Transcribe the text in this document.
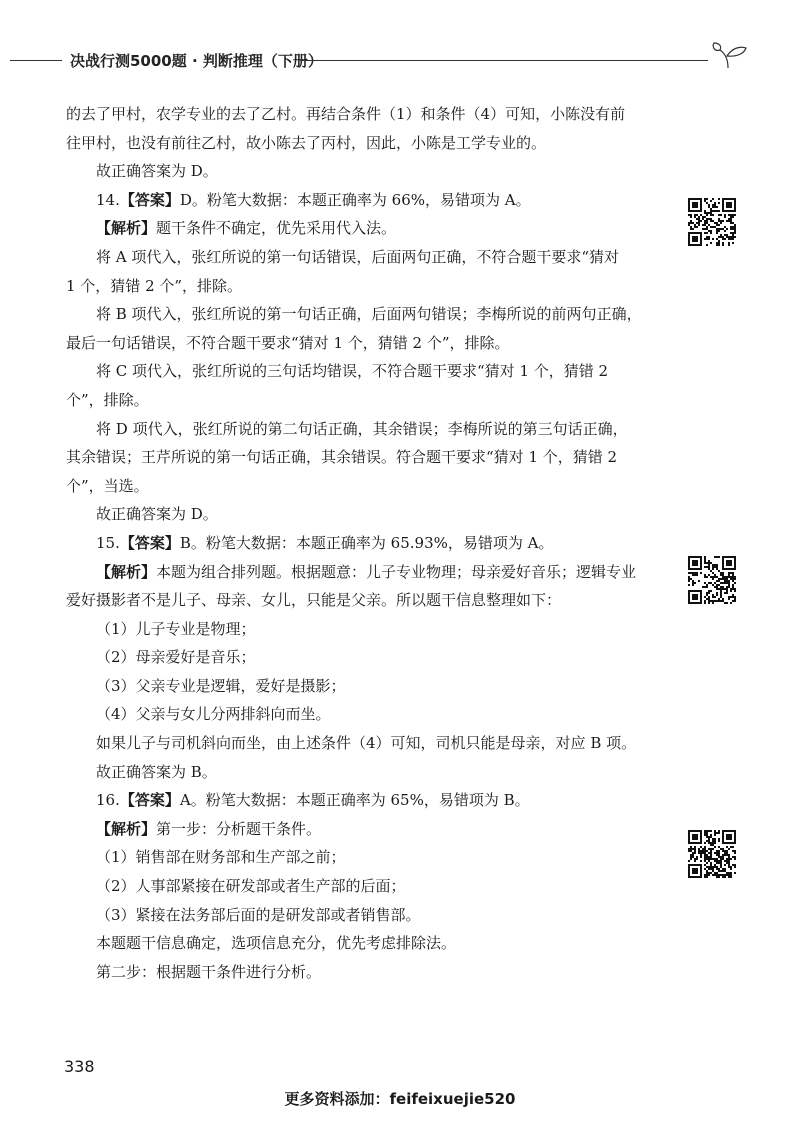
决战行测5000题 · 判断推理（下册）
的去了甲村，农学专业的去了乙村。再结合条件（1）和条件（4）可知，小陈没有前
往甲村，也没有前往乙村，故小陈去了丙村，因此，小陈是工学专业的。
故正确答案为 D。
14.【答案】D。粉笔大数据：本题正确率为 66%，易错项为 A。
【解析】题干条件不确定，优先采用代入法。
将 A 项代入，张红所说的第一句话错误，后面两句正确，不符合题干要求“猜对
1 个，猜错 2 个”，排除。
将 B 项代入，张红所说的第一句话正确，后面两句错误；李梅所说的前两句正确，
最后一句话错误，不符合题干要求“猜对 1 个，猜错 2 个”，排除。
将 C 项代入，张红所说的三句话均错误，不符合题干要求“猜对 1 个，猜错 2
个”，排除。
将 D 项代入，张红所说的第二句话正确，其余错误；李梅所说的第三句话正确，
其余错误；王芹所说的第一句话正确，其余错误。符合题干要求“猜对 1 个，猜错 2
个”，当选。
故正确答案为 D。
15.【答案】B。粉笔大数据：本题正确率为 65.93%，易错项为 A。
【解析】本题为组合排列题。根据题意：儿子专业物理；母亲爱好音乐；逻辑专业
爱好摄影者不是儿子、母亲、女儿，只能是父亲。所以题干信息整理如下：
（1）儿子专业是物理；
（2）母亲爱好是音乐；
（3）父亲专业是逻辑，爱好是摄影；
（4）父亲与女儿分两排斜向而坐。
如果儿子与司机斜向而坐，由上述条件（4）可知，司机只能是母亲，对应 B 项。
故正确答案为 B。
16.【答案】A。粉笔大数据：本题正确率为 65%，易错项为 B。
【解析】第一步：分析题干条件。
（1）销售部在财务部和生产部之前；
（2）人事部紧接在研发部或者生产部的后面；
（3）紧接在法务部后面的是研发部或者销售部。
本题题干信息确定，选项信息充分，优先考虑排除法。
第二步：根据题干条件进行分析。
338
更多资料添加：feifeixuejie520
